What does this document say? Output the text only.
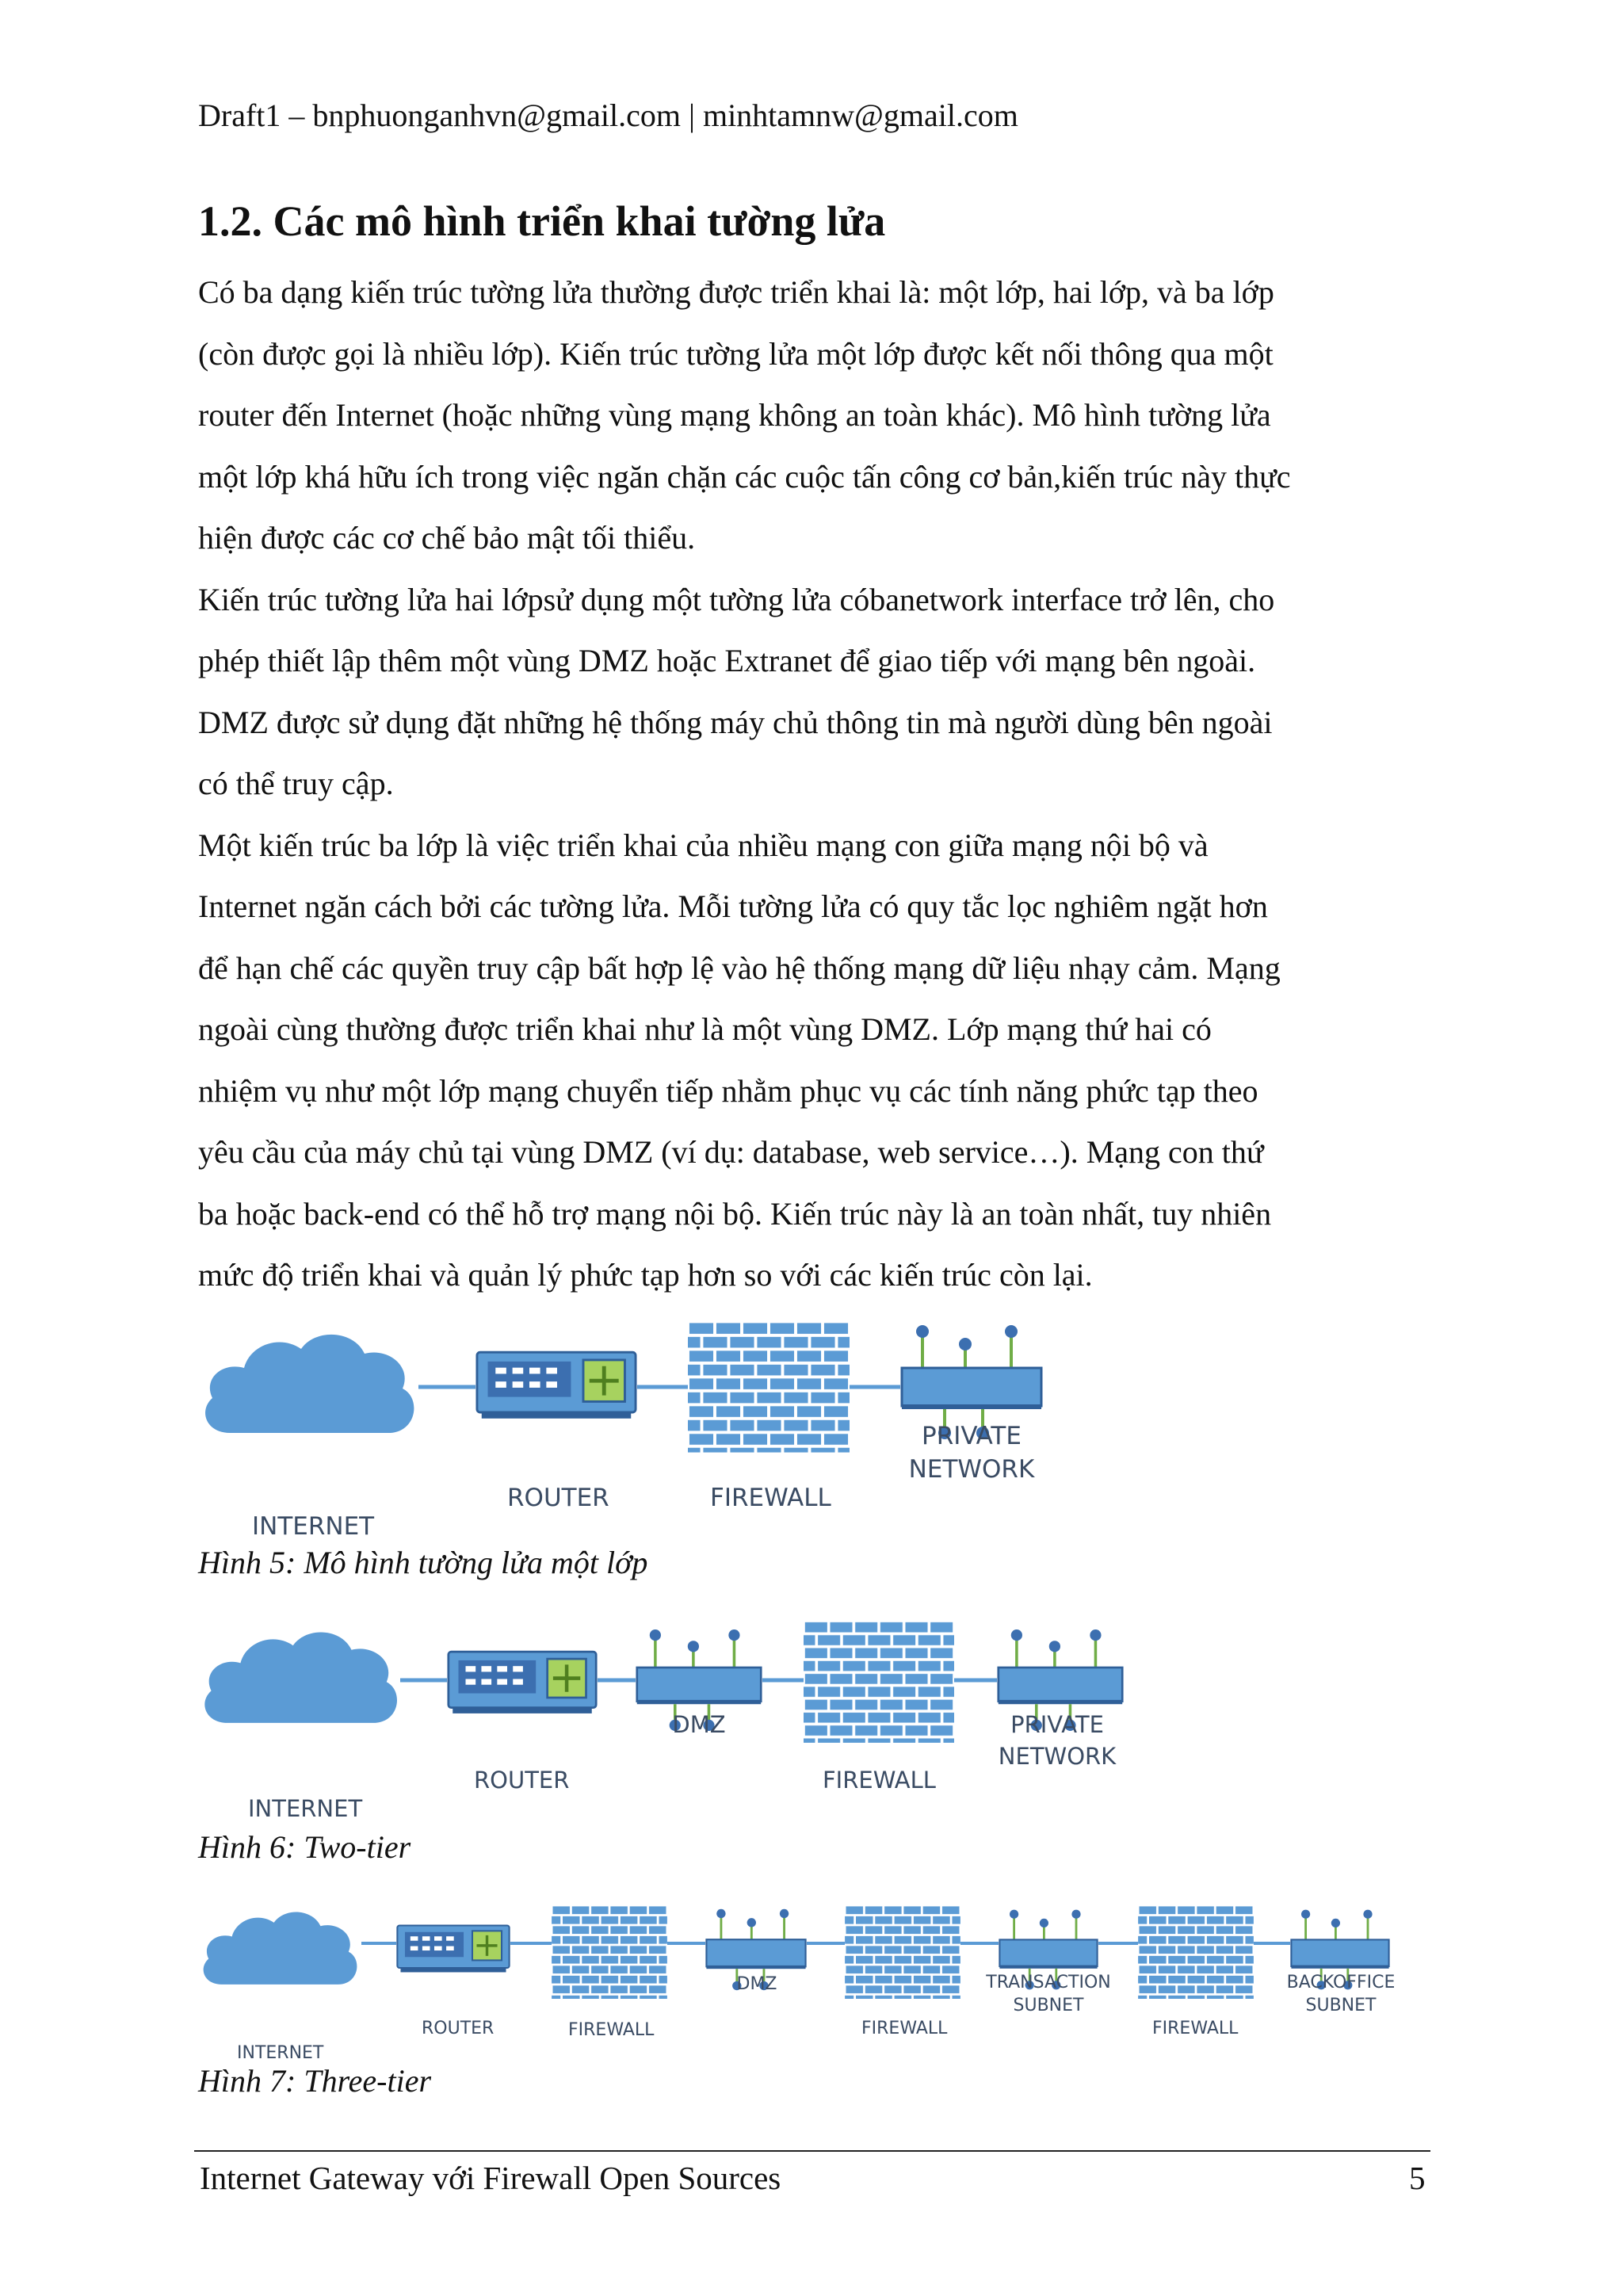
Draft1 – bnphuonganhvn@gmail.com | minhtamnw@gmail.com
1.2. Các mô hình triển khai tường lửa
Có ba dạng kiến trúc tường lửa thường được triển khai là: một lớp, hai lớp, và ba lớp
(còn được gọi là nhiều lớp). Kiến trúc tường lửa một lớp được kết nối thông qua một
router đến Internet (hoặc những vùng mạng không an toàn khác). Mô hình tường lửa
một lớp khá hữu ích trong việc ngăn chặn các cuộc tấn công cơ bản,kiến trúc này thực
hiện được các cơ chế bảo mật tối thiểu.
Kiến trúc tường lửa hai lớpsử dụng một tường lửa cóbanetwork interface trở lên, cho
phép thiết lập thêm một vùng DMZ hoặc Extranet để giao tiếp với mạng bên ngoài.
DMZ được sử dụng đặt những hệ thống máy chủ thông tin mà người dùng bên ngoài
có thể truy cập.
Một kiến trúc ba lớp là việc triển khai của nhiều mạng con giữa mạng nội bộ và
Internet ngăn cách bởi các tường lửa. Mỗi tường lửa có quy tắc lọc nghiêm ngặt hơn
để hạn chế các quyền truy cập bất hợp lệ vào hệ thống mạng dữ liệu nhạy cảm. Mạng
ngoài cùng thường được triển khai như là một vùng DMZ. Lớp mạng thứ hai có
nhiệm vụ như một lớp mạng chuyển tiếp nhằm phục vụ các tính năng phức tạp theo
yêu cầu của máy chủ tại vùng DMZ (ví dụ: database, web service…). Mạng con thứ
ba hoặc back-end có thể hỗ trợ mạng nội bộ. Kiến trúc này là an toàn nhất, tuy nhiên
mức độ triển khai và quản lý phức tạp hơn so với các kiến trúc còn lại.
INTERNET
ROUTER	FIREWALL
PRIVATE
NETWORK
Hình 5: Mô hình tường lửa một lớp
INTERNET
ROUTER
DMZ
FIREWALL
PRIVATE
NETWORK
Hình 6: Two-tier
INTERNET
ROUTER	FIREWALL
DMZ
FIREWALL
TRANSACTION
SUBNET
FIREWALL
BACKOFFICE
SUBNET
Hình 7: Three-tier
Internet Gateway với Firewall Open Sources	5
